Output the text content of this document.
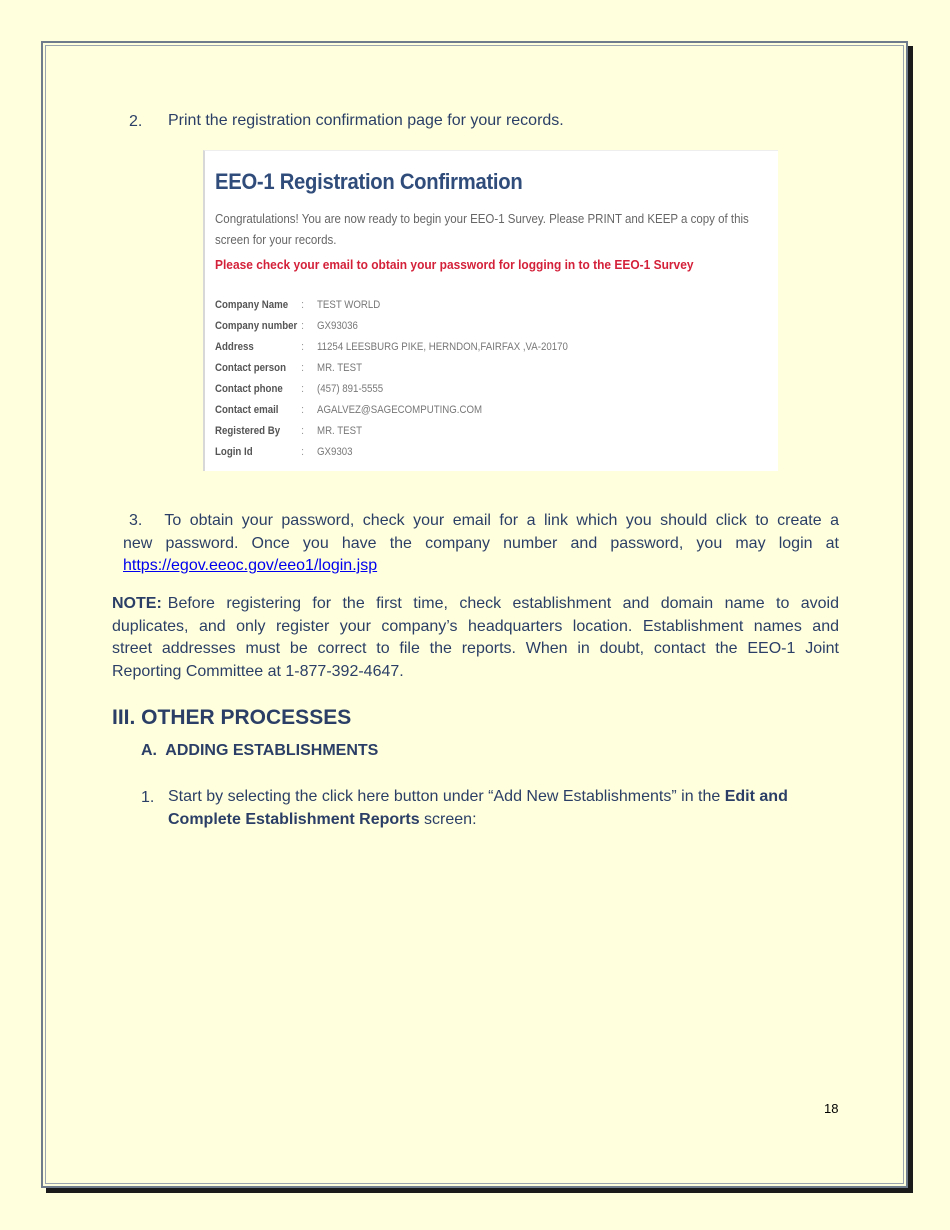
2. Print the registration confirmation page for your records.
EEO-1 Registration Confirmation
Congratulations! You are now ready to begin your EEO-1 Survey. Please PRINT and KEEP a copy of this
screen for your records.
Please check your email to obtain your password for logging in to the EEO-1 Survey
Company Name : TEST WORLD
Company number : GX93036
Address	: 11254 LEESBURG PIKE, HERNDON,FAIRFAX ,VA-20170
Contact person : MR. TEST
Contact phone : (457) 891-5555
Contact email : AGALVEZ@SAGECOMPUTING.COM
Registered By : MR. TEST
Login Id	: GX9303
3. To obtain your password, check your email for a link which you should click to create a
new password. Once you have the company number and password, you may login at
https://egov.eeoc.gov/eeo1/login.jsp
NOTE: Before registering for the first time, check establishment and domain name to avoid
duplicates, and only register your company’s headquarters location. Establishment names and
street addresses must be correct to file the reports. When in doubt, contact the EEO-1 Joint
Reporting Committee at 1-877-392-4647.
III. OTHER PROCESSES
A.  ADDING ESTABLISHMENTS
1. Start by selecting the click here button under “Add New Establishments” in the Edit and
Complete Establishment Reports screen:
18
